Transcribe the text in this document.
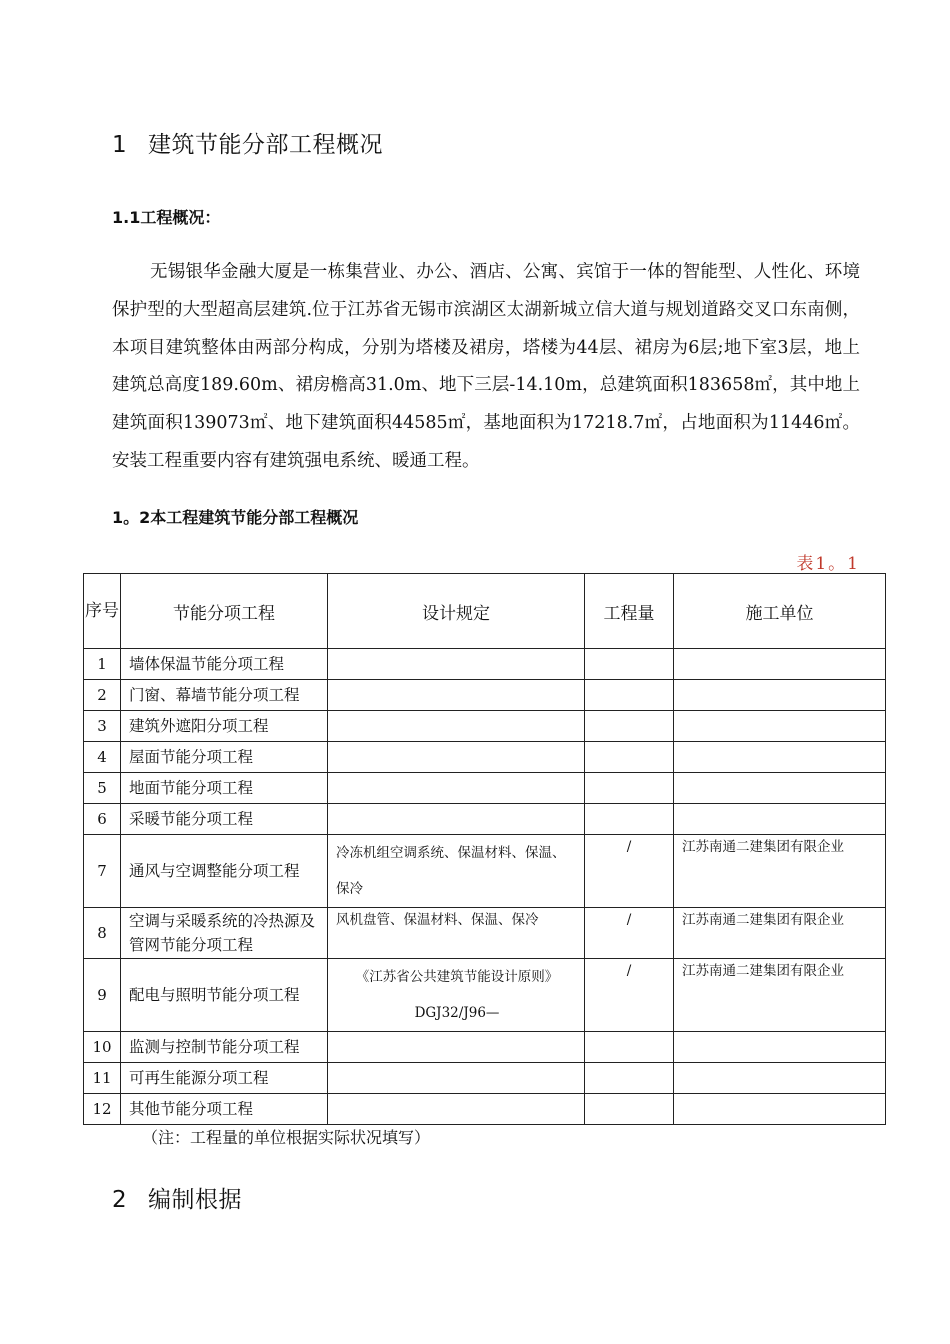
1 建筑节能分部工程概况
1.1工程概况：

无锡银华金融大厦是一栋集营业、办公、酒店、公寓、宾馆于一体的智能型、人性化、环境保护型的大型超高层建筑.位于江苏省无锡市滨湖区太湖新城立信大道与规划道路交叉口东南侧，本项目建筑整体由两部分构成，分别为塔楼及裙房，塔楼为44层、裙房为6层;地下室3层，地上建筑总高度189.60m、裙房檐高31.0m、地下三层-14.10m，总建筑面积183658㎡，其中地上建筑面积139073㎡、地下建筑面积44585㎡，基地面积为17218.7㎡，占地面积为11446㎡。安装工程重要内容有建筑强电系统、暖通工程。

1。2本工程建筑节能分部工程概况
表1。1
序号	节能分项工程	设计规定	工程量	施工单位
1	墙体保温节能分项工程			
2	门窗、幕墙节能分项工程			
3	建筑外遮阳分项工程			
4	屋面节能分项工程			
5	地面节能分项工程			
6	采暖节能分项工程			
7	通风与空调整能分项工程	冷冻机组空调系统、保温材料、保温、保冷	/	江苏南通二建集团有限企业
8	空调与采暖系统的冷热源及管网节能分项工程	风机盘管、保温材料、保温、保冷	/	江苏南通二建集团有限企业
9	配电与照明节能分项工程	《江苏省公共建筑节能设计原则》DGJ32/J96—	/	江苏南通二建集团有限企业
10	监测与控制节能分项工程			
11	可再生能源分项工程			
12	其他节能分项工程			
（注：工程量的单位根据实际状况填写）
2 编制根据
